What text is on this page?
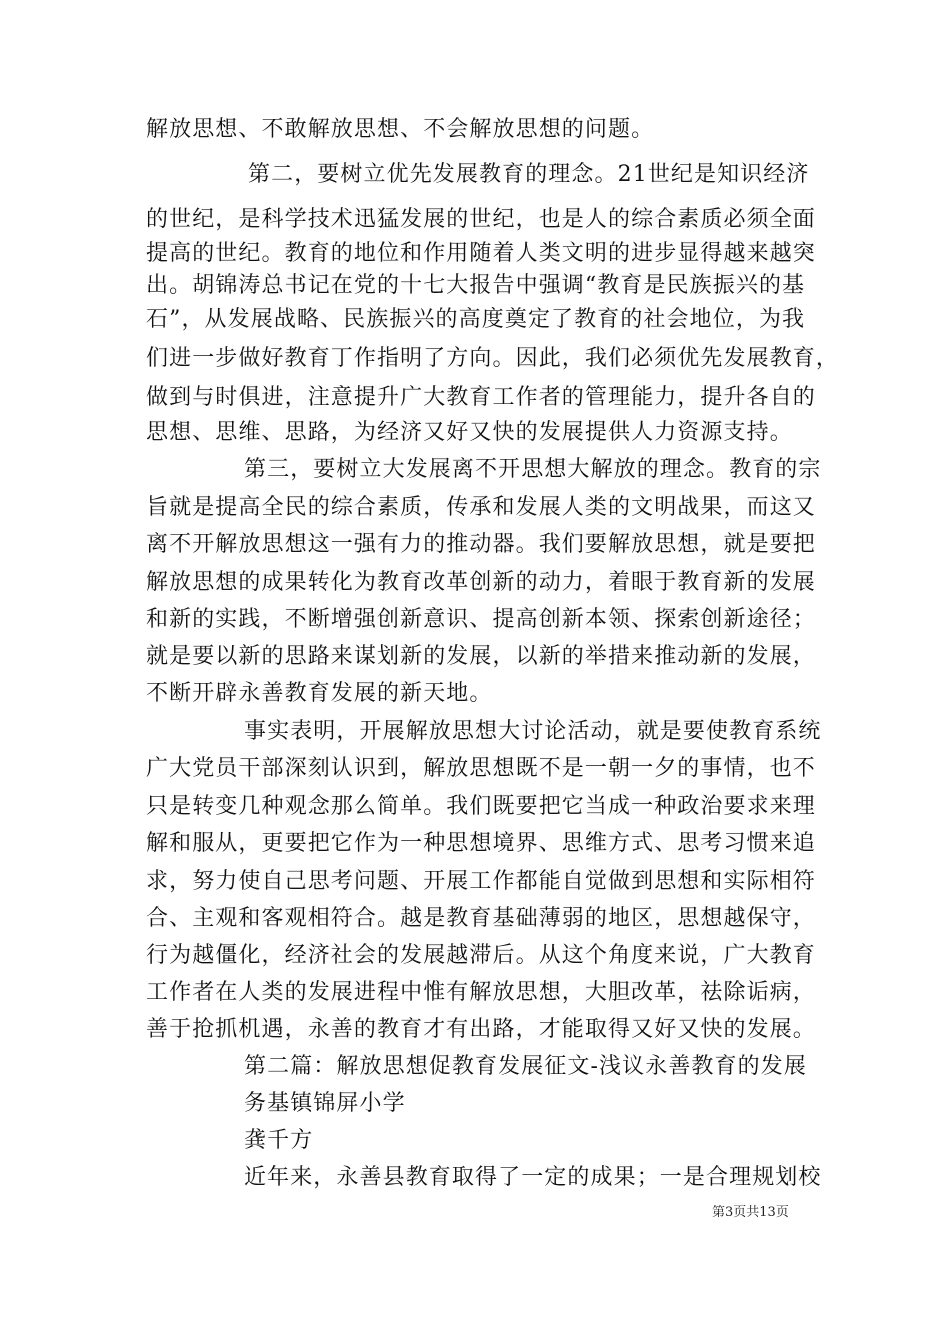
解放思想、不敢解放思想、不会解放思想的问题。
第二，要树立优先发展教育的理念。21世纪是知识经济
的世纪，是科学技术迅猛发展的世纪，也是人的综合素质必须全面
提高的世纪。教育的地位和作用随着人类文明的进步显得越来越突
出。胡锦涛总书记在党的十七大报告中强调“教育是民族振兴的基
石”，从发展战略、民族振兴的高度奠定了教育的社会地位，为我
们进一步做好教育丁作指明了方向。因此，我们必须优先发展教育，
做到与时俱进，注意提升广大教育工作者的管理能力，提升各自的
思想、思维、思路，为经济又好又快的发展提供人力资源支持。
第三，要树立大发展离不开思想大解放的理念。教育的宗
旨就是提高全民的综合素质，传承和发展人类的文明战果，而这又
离不开解放思想这一强有力的推动器。我们要解放思想，就是要把
解放思想的成果转化为教育改革创新的动力，着眼于教育新的发展
和新的实践，不断增强创新意识、提高创新本领、探索创新途径；
就是要以新的思路来谋划新的发展，以新的举措来推动新的发展，
不断开辟永善教育发展的新天地。
事实表明，开展解放思想大讨论活动，就是要使教育系统
广大党员干部深刻认识到，解放思想既不是一朝一夕的事情，也不
只是转变几种观念那么简单。我们既要把它当成一种政治要求来理
解和服从，更要把它作为一种思想境界、思维方式、思考习惯来追
求，努力使自己思考问题、开展工作都能自觉做到思想和实际相符
合、主观和客观相符合。越是教育基础薄弱的地区，思想越保守，
行为越僵化，经济社会的发展越滞后。从这个角度来说，广大教育
工作者在人类的发展进程中惟有解放思想，大胆改革，祛除诟病，
善于抢抓机遇，永善的教育才有出路，才能取得又好又快的发展。
第二篇：解放思想促教育发展征文-浅议永善教育的发展
务基镇锦屏小学
龚千方
近年来，永善县教育取得了一定的成果；一是合理规划校
第3页共13页
